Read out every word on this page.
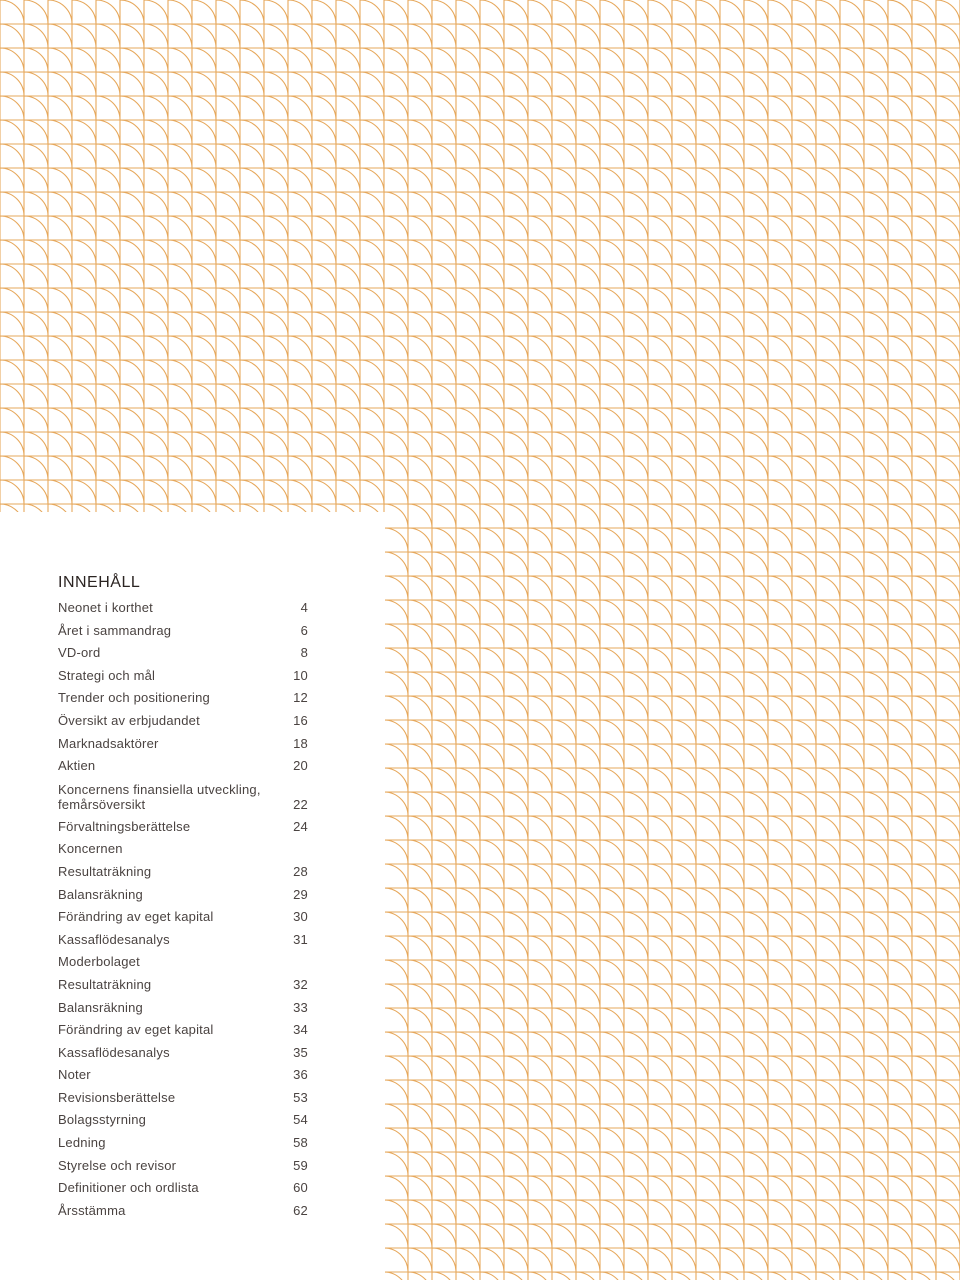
INNEHÅLL
Neonet i korthet	4
Året i sammandrag	6
VD-ord	8
Strategi och mål	10
Trender och positionering	12
Översikt av erbjudandet	16
Marknadsaktörer	18
Aktien	20
Koncernens finansiella utveckling,
femårsöversikt	22
Förvaltningsberättelse	24
Koncernen
Resultaträkning	28
Balansräkning	29
Förändring av eget kapital	30
Kassaflödesanalys	31
Moderbolaget
Resultaträkning	32
Balansräkning	33
Förändring av eget kapital	34
Kassaflödesanalys	35
Noter	36
Revisionsberättelse	53
Bolagsstyrning	54
Ledning	58
Styrelse och revisor	59
Definitioner och ordlista	60
Årsstämma	62
